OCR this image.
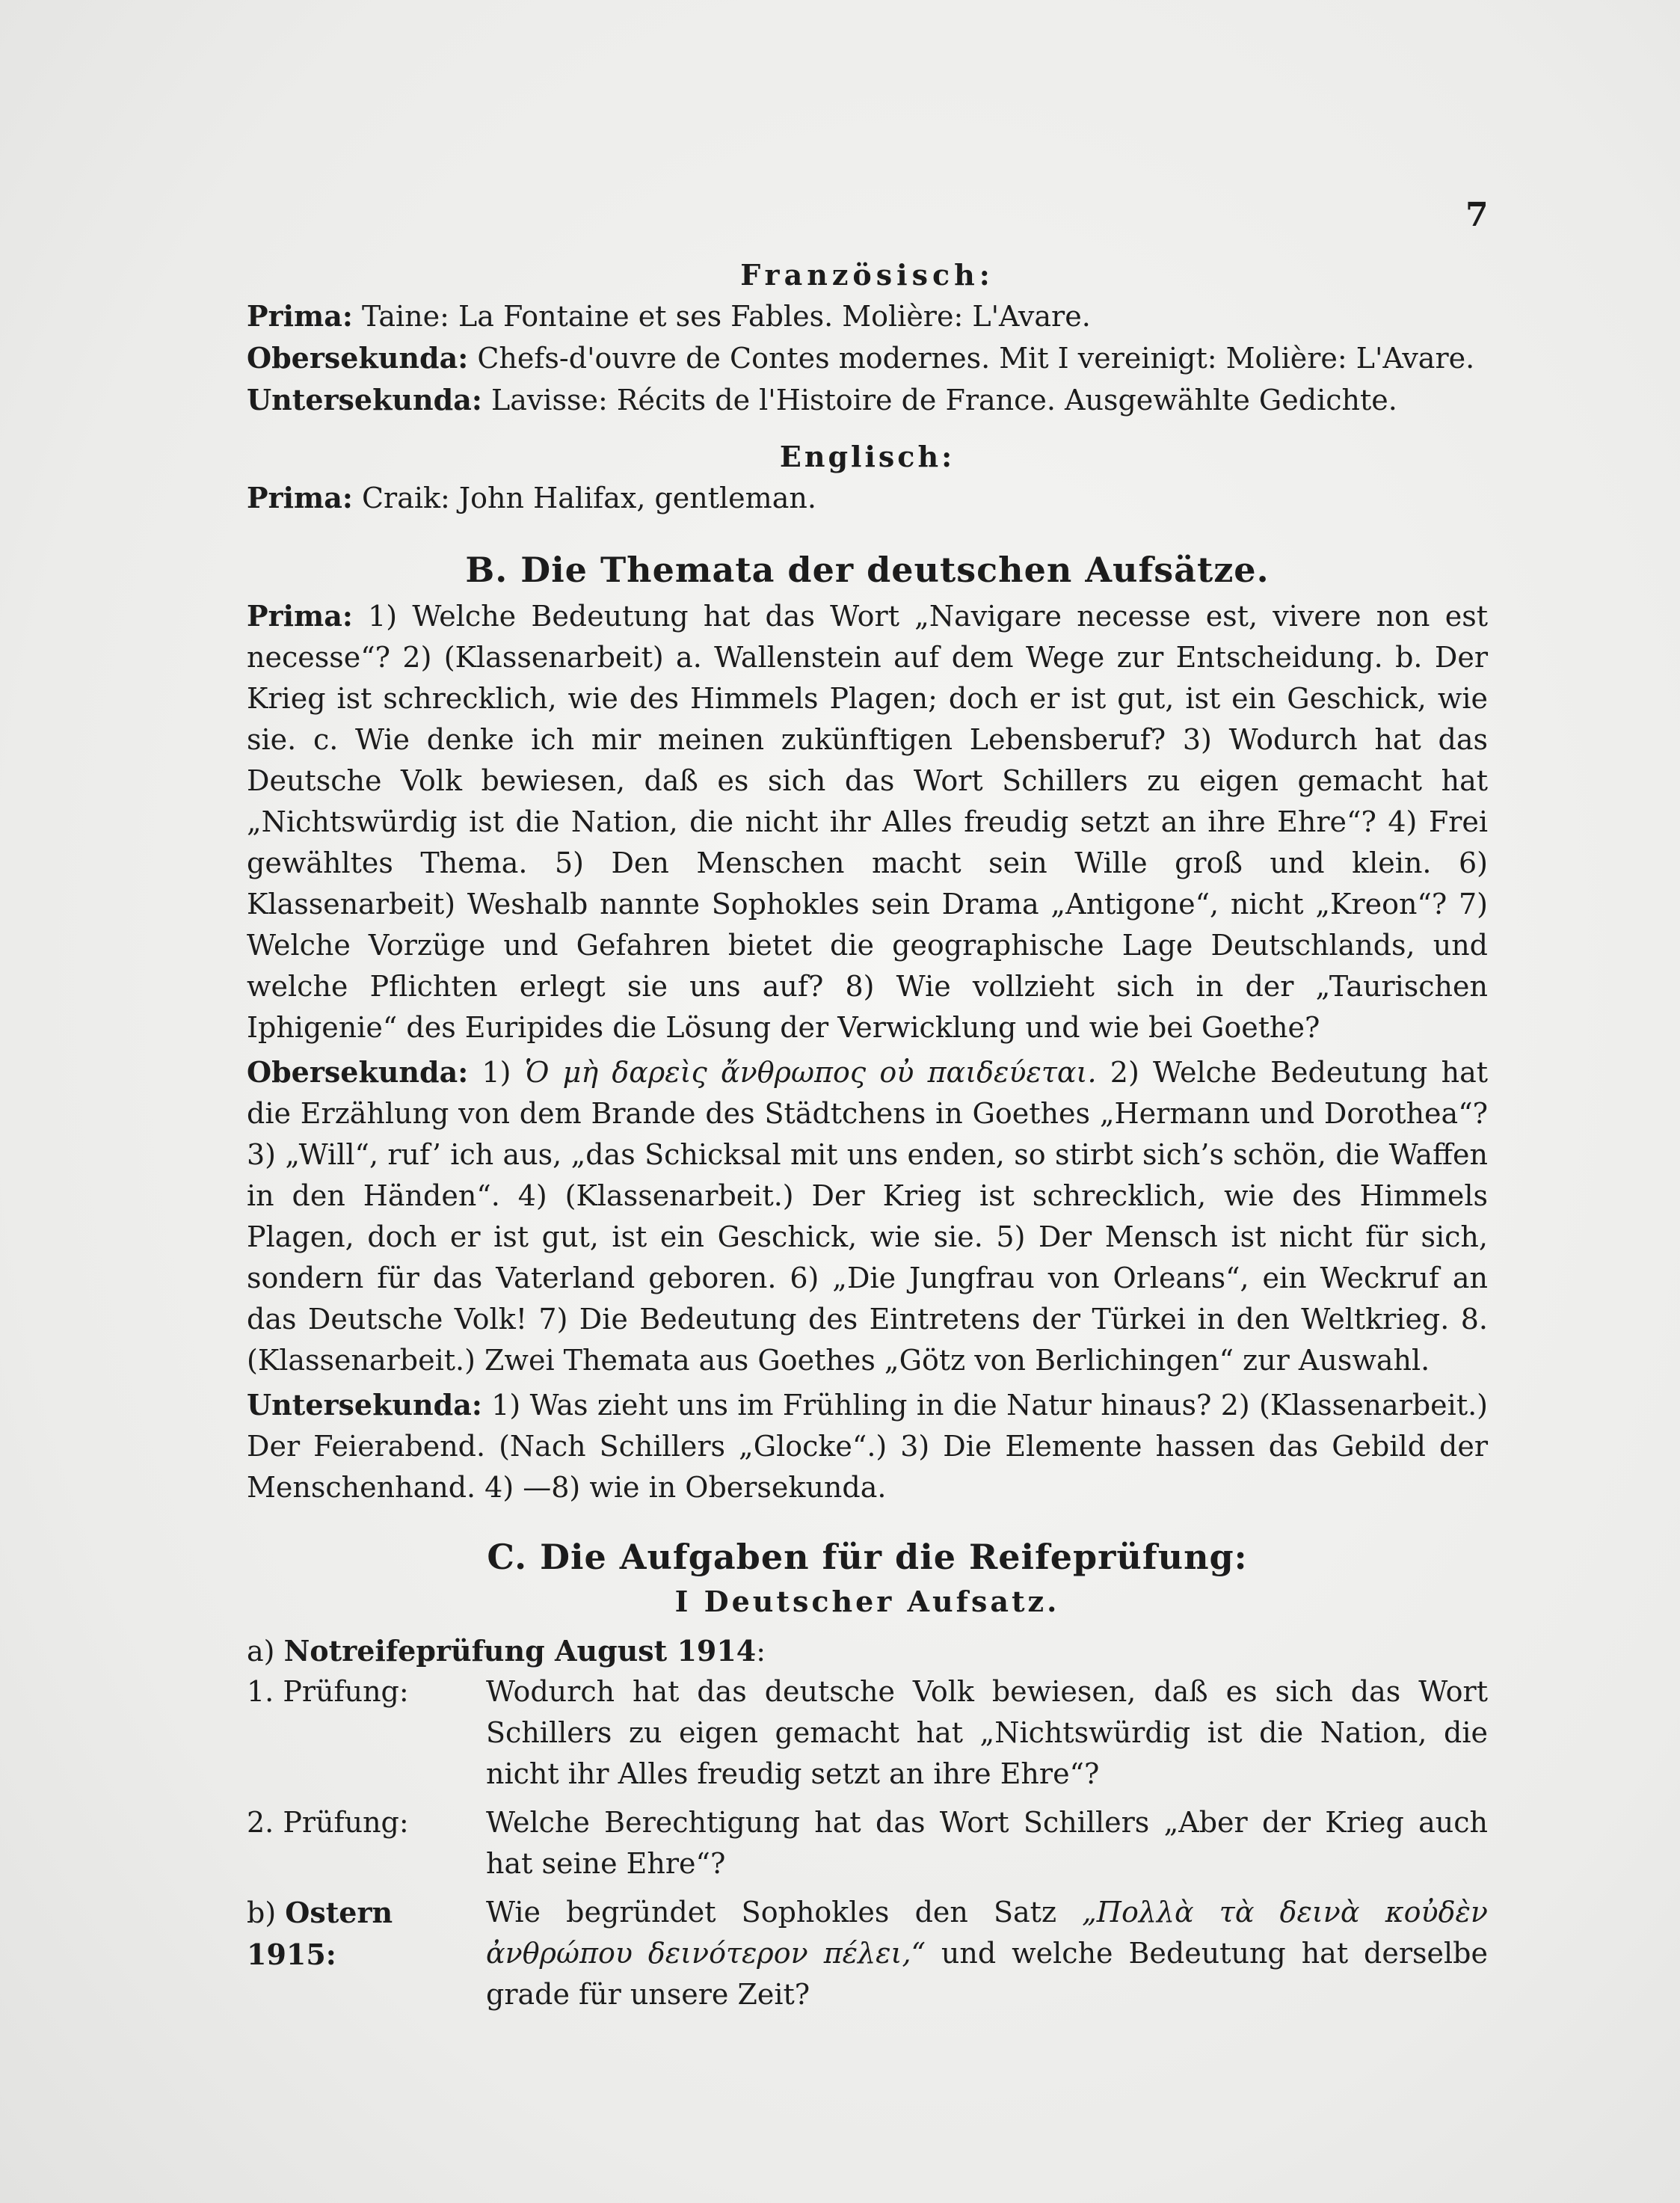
7
Französisch:
Prima: Taine: La Fontaine et ses Fables. Molière: L'Avare.
Obersekunda: Chefs-d'ouvre de Contes modernes. Mit I vereinigt: Molière: L'Avare.
Untersekunda: Lavisse: Récits de l'Histoire de France. Ausgewählte Gedichte.
Englisch:
Prima: Craik: John Halifax, gentleman.
B. Die Themata der deutschen Aufsätze.

Prima: 1) Welche Bedeutung hat das Wort „Navigare necesse est, vivere non est necesse“? 2) (Klassenarbeit) a. Wallenstein auf dem Wege zur Entscheidung. b. Der Krieg ist schrecklich, wie des Himmels Plagen; doch er ist gut, ist ein Geschick, wie sie. c. Wie denke ich mir meinen zukünftigen Lebensberuf? 3) Wodurch hat das Deutsche Volk bewiesen, daß es sich das Wort Schillers zu eigen gemacht hat „Nichtswürdig ist die Nation, die nicht ihr Alles freudig setzt an ihre Ehre“? 4) Frei gewähltes Thema. 5) Den Menschen macht sein Wille groß und klein. 6) Klassenarbeit) Weshalb nannte Sophokles sein Drama „Antigone“, nicht „Kreon“? 7) Welche Vorzüge und Gefahren bietet die geographische Lage Deutschlands, und welche Pflichten erlegt sie uns auf? 8) Wie vollzieht sich in der „Taurischen Iphigenie“ des Euripides die Lösung der Verwicklung und wie bei Goethe?

Obersekunda: 1) Ὁ μὴ δαρεὶς ἄνθρωπος οὐ παιδεύεται. 2) Welche Bedeutung hat die Erzählung von dem Brande des Städtchens in Goethes „Hermann und Dorothea“? 3) „Will“, ruf’ ich aus, „das Schicksal mit uns enden, so stirbt sich’s schön, die Waffen in den Händen“. 4) (Klassenarbeit.) Der Krieg ist schrecklich, wie des Himmels Plagen, doch er ist gut, ist ein Geschick, wie sie. 5) Der Mensch ist nicht für sich, sondern für das Vaterland geboren. 6) „Die Jungfrau von Orleans“, ein Weckruf an das Deutsche Volk! 7) Die Bedeutung des Eintretens der Türkei in den Weltkrieg. 8. (Klassenarbeit.) Zwei Themata aus Goethes „Götz von Berlichingen“ zur Auswahl.

Untersekunda: 1) Was zieht uns im Frühling in die Natur hinaus? 2) (Klassenarbeit.) Der Feierabend. (Nach Schillers „Glocke“.) 3) Die Elemente hassen das Gebild der Menschenhand. 4) —8) wie in Obersekunda.

C. Die Aufgaben für die Reifeprüfung:
I Deutscher Aufsatz.
a) Notreifeprüfung August 1914:
1. Prüfung:	Wodurch hat das deutsche Volk bewiesen, daß es sich das Wort Schillers zu eigen gemacht hat „Nichtswürdig ist die Nation, die nicht ihr Alles freudig setzt an ihre Ehre“?
2. Prüfung:	Welche Berechtigung hat das Wort Schillers „Aber der Krieg auch hat seine Ehre“?
b) Ostern 1915:
Wie begründet Sophokles den Satz „Πολλὰ τὰ δεινὰ κοὐδὲν ἀνθρώπου δεινότερον πέλει,“ und welche Bedeutung hat derselbe grade für unsere Zeit?
